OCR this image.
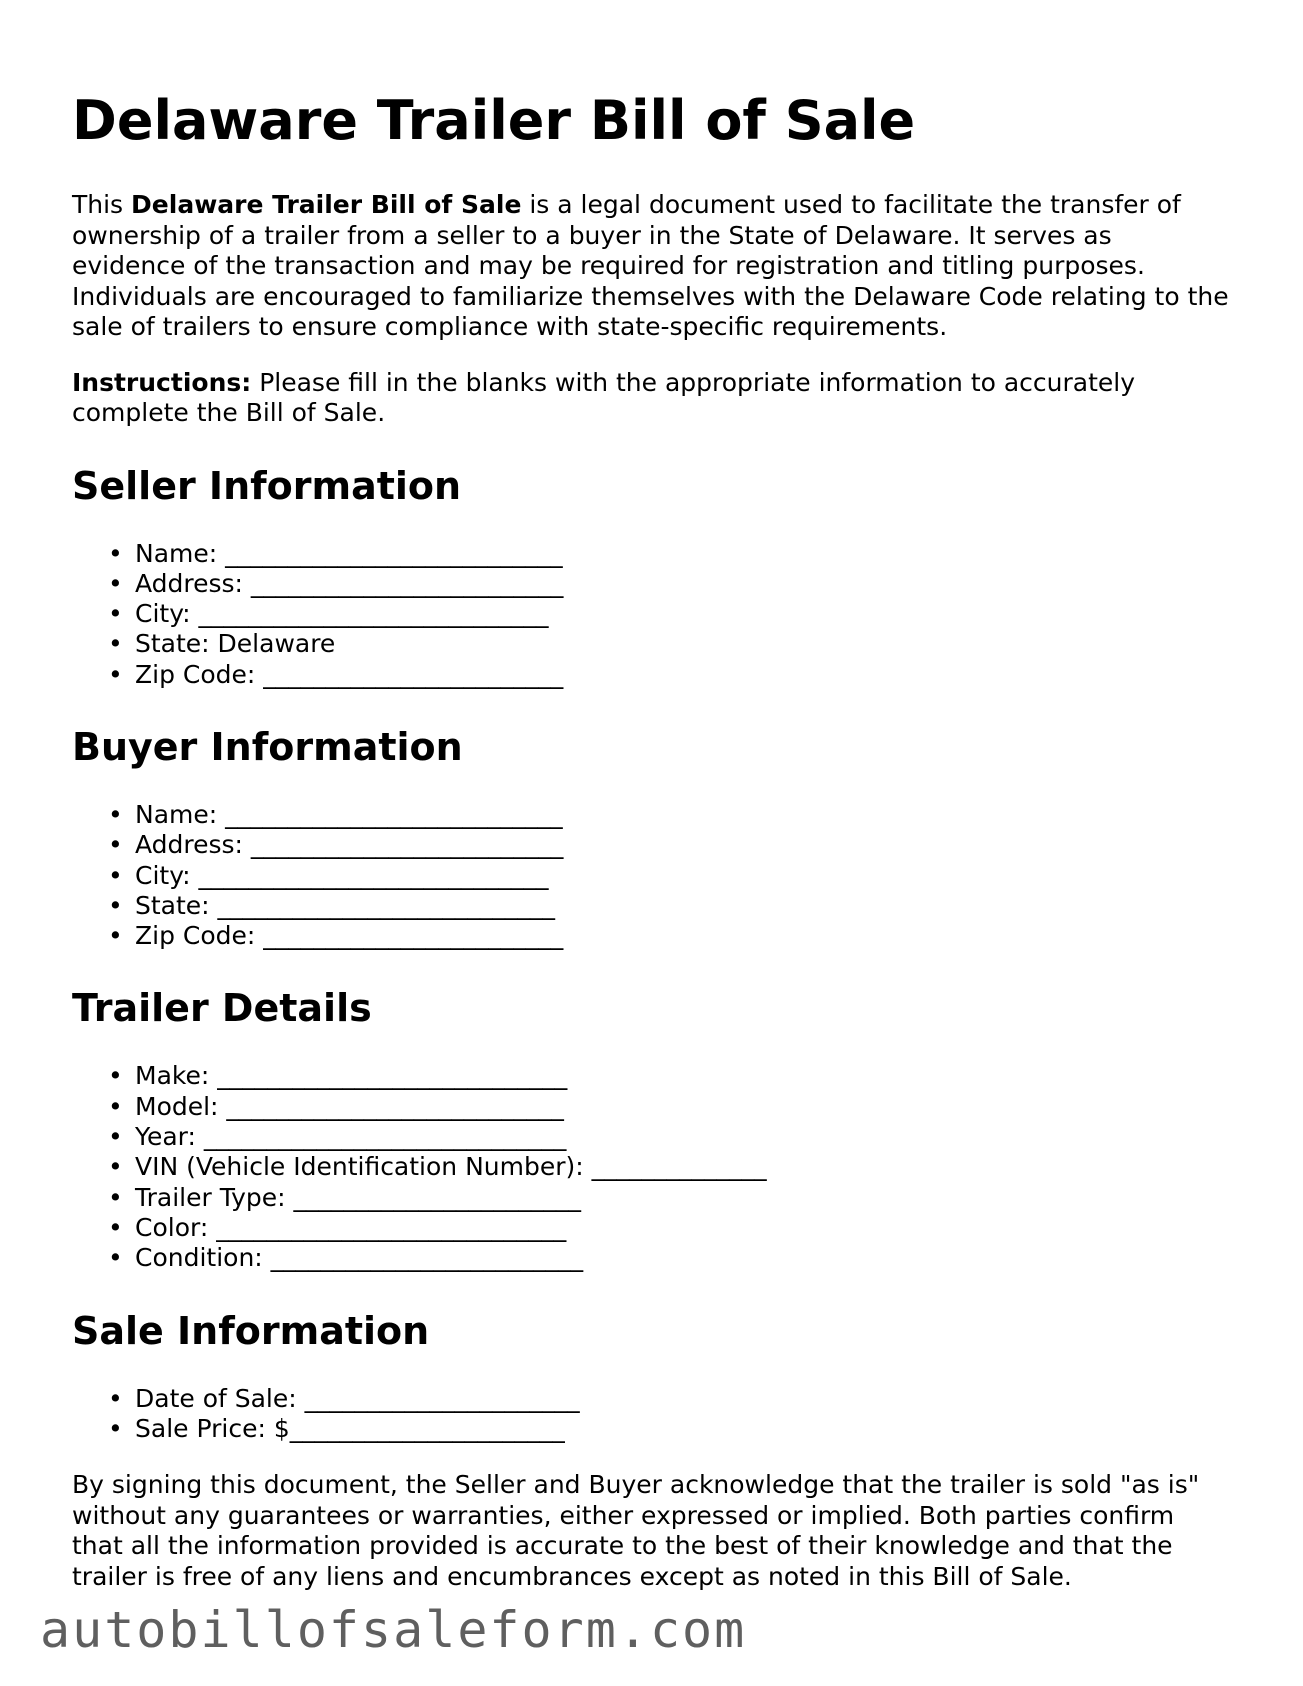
Delaware Trailer Bill of Sale

This Delaware Trailer Bill of Sale is a legal document used to facilitate the transfer of ownership of a trailer from a seller to a buyer in the State of Delaware. It serves as evidence of the transaction and may be required for registration and titling purposes. Individuals are encouraged to familiarize themselves with the Delaware Code relating to the sale of trailers to ensure compliance with state-specific requirements.

Instructions: Please fill in the blanks with the appropriate information to accurately complete the Bill of Sale.

Seller Information
• Name: ___________________________
• Address: _________________________
• City: ____________________________
• State: Delaware
• Zip Code: ________________________
Buyer Information
• Name: ___________________________
• Address: _________________________
• City: ____________________________
• State: ___________________________
• Zip Code: ________________________
Trailer Details
• Make: ____________________________
• Model: ___________________________
• Year: _____________________________
• VIN (Vehicle Identification Number): ______________
• Trailer Type: _______________________
• Color: ____________________________
• Condition: _________________________
Sale Information
• Date of Sale: ______________________
• Sale Price: $______________________

By signing this document, the Seller and Buyer acknowledge that the trailer is sold "as is" without any guarantees or warranties, either expressed or implied. Both parties confirm that all the information provided is accurate to the best of their knowledge and that the trailer is free of any liens and encumbrances except as noted in this Bill of Sale.

autobillofsaleform.com
